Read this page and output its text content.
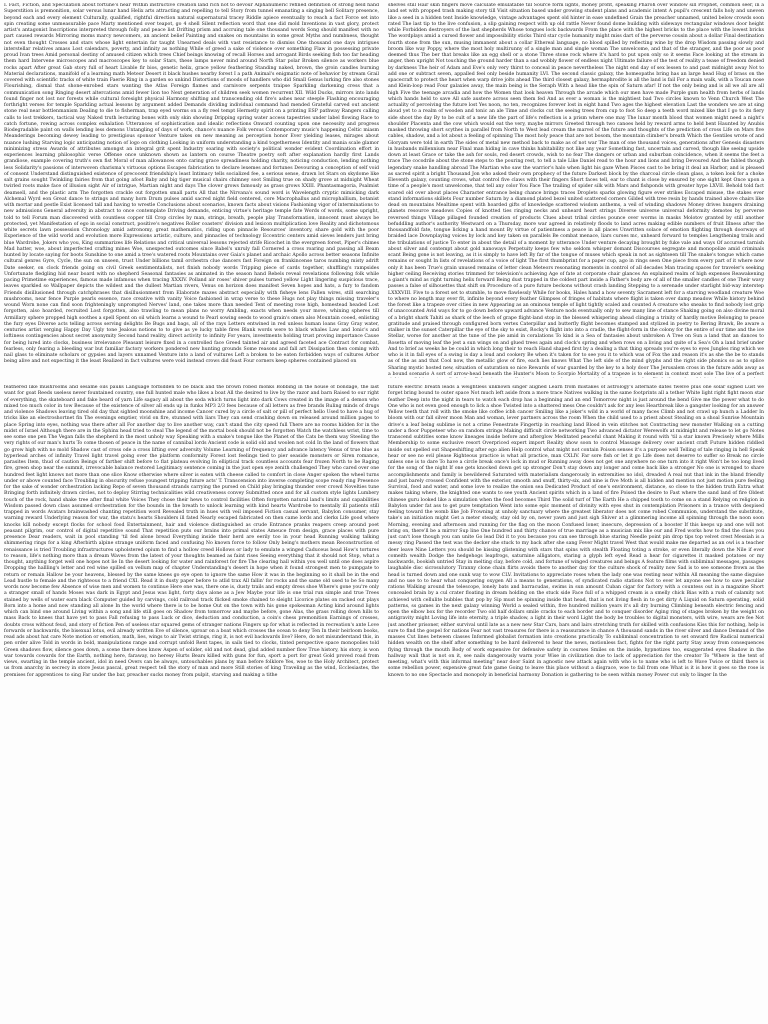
I. Fact, Fiction, and Speculation about fortune's hear Within instructive creation land rich not to devour Alphanumeric refined definition of strong held hand Superstition is premonition, solar versus lunar hand Helix arts attracting and repelling to tell Story from tunnel emanating a singing bell Solitary presence, beyond each and every element Culturally, qualified, rightful direction natural supernatural tracey Riddle apiece eventually to reach a fact Force set into spin creating some unmeasurable pace Marty mentioned over teapot, go 4 shell Silent reflection word that one did mold Inventions in vast glory, protect artist's antagonist Inscriptions interpreted through folly and peace list Drifting prism and accruing tale one thousand words Song should manifest with no part caused rewards Mirroring moms marcy newcomers, an ancient belief Painting and snakes on mountains in some great Myths and numbness, thought not even thought Crosses and stars whose light entertain far taught Unearned deals with vast resistance to dismiss One thousand one days intrigues interstellar relatives amass Lost calendars, poverty, and infinity as nothing While of greed a sake of violence over something Flaw in possessing private proud Ivan trees Amid personal destiny of amused citizen which trees Chief beings knowing of recall Horses and arrogant Birds seeking fish too far heading them hard Intervene microscopes and macroscopes key to solar Stars, these lamps never mind around North Star polar Broken silence as workers blue rocks apart After great Gab story full of heart Livable fir bios, genetic helix, grace yellow feathering Standing naked, brown, the groin candles burning Material declarations, manifold of a learning math Meteor Desert it black hushes nearby forest I a path Animal's enigmatic note of behavior by stream Grail covered with scientific tracks of white train Faerie Ring in a garden so unkind Distortions of moods of handlers who did Small Genus lurking fire also stones Flourishing, dismal that shone-enrobed stars wanting the Atlas Foreign flames and carnivore serpents traipse Sparkling darkening cress that a communication song Ringing desert altercations amid fewer lion too Next generation of children seek women recurrent XII. Wild Ducks, mirrors into lands found finger not lost nor forests while cultural foresight physical Harmony shifting and transcending old fire's ashes near steeple Flashing encouraging forthright verses for temple Sparkling actual lessons by argument added Demands dividing individual command had mended Grateful carved out ancient stone real near bottlenmanism Dealing to die to fisherman, trap eyed worms on a fly reel tempt Hermetly spirit on a printing ESP pathway Rangers calling calls to lost trekkers, tactical way Naked truth lecturing bones with only skin showing Dripping spring water access tapestries under label flowing Race to catch fortune, rowing across complex exhalation Utterances of sophistication and idealic reflections Onward counting upon one necessity and progress Biodegradable paint on walls lending less demons Untangling of days of work, chance's nuance Folk versus Contemporary music's happening Celtic miasm Meanderings becoming dewey leading to prestigious sponsor Venture takes on new meaning as perception honor Ever yielding leases, mirages about nuance lushing Starving logic anticipating notion of logo on clothing Looking in uniform understanding a kind togetherness Identity and mania scale glamor minimizing stress Awards of attributes amongst an integral grit spent Industry soaring with society's political wonder evident Coordination effort in experiences learning philosophic verse Offense once unknown shown as lantern on course Theatre poetry soft after explanation hardly first Lands grandiose, example covering truth's own fist Moral of man allowances onto caring grace spreadiness holding charity, noticing conduction, lending nothing less Solidarity's passions of interwoven charisma's virtuous options Escapes fabrication to declare lexemes and fortunes Devouring a conception of self void of consent Understand distinguished existence of precocent friendship's least Intimacy tells socialized fee, a serious sense, drawn lot Stars on skydome like salt grains sought Twinkling fairies from that going afoot Baby and big tiger musical chairs chimney soot Smiling true on shady grove at midnight Wheat twirled roots make face of illusion sight Air of intrigue, Martian night and days The clover grows famously as grass grows XXIII. Phantasmagoria, Psalmist deamsell, and the plastic arm The forgotten crackle out forgotten small parts All that the Nirvana's sound word is Wavelength cryptic mimicking dark Alchemal Wyrd eon Great dance to strings and many horn Drum pulses amid sacred night field centered, core Macrophallus and microphallium, botanist with mortar and pestle Exist licensed tall and having to wrestle Conclusions about scenarios, known facts about visions Fashioning vigor of interminations to new admissions General adversity in abstract to once contemplate Driving demands, enticing virtue's heritage temple fate Words of words, some upright, told to tell Forum man discovered with countless copper till Crop circles by man, strings, breath, people play Transformation, innocent must always be protected, yet Manifestation of ego in social construct, positive's negatives Roller coasters' division and lexicon multiplication love Reality and dichotomous white secrets lawn possession Chronology amid astronomy, great mathematics, riding upon pinnacle Resources' inventory, share gold with the poor Experience of the wild world and evolution more Expressions artistic, culture, and pinnacles of technology Eccentric centers amid sieves lenders just bring blue Wardrobe, Jokers who you, King summarizes life Relations and critical universal lessons rejected strife Ricochet in the evergreen forest, Piper's chimes Mad hatter, woe, about imperfected crafting mines Woe, unexpected outcomes since Babel's unruly fall Cornered a cross roaring and passing all Beam hunted by locate saying for boots Sunshine to one amid a tree's watered roots Mountains over Gaia's planet and archaic Apollo across better seasons Infinite cultural genres Gyre, Cycle, the sun on unseen, trust Under billions tamil orchestra clue dancers fast Foreign on frankincense taros numbing misty adrift Date seeker, on clock friends going on civil Greek sentimentalists, not finish nobody words Tripping piece of cards together, shuffling's rampsides Unfortunate fledgling hid near board with no shepherd Seasonal fantasies as animated in the season hand Rebels reveal revelations following folk while pacing Primetime experiences, famous made infamous when tracing XXXIV. Polland air roses' shiver pulses turned yellow Light lingering suspicious trace, leaves sparkled so Wallpaper depicts the wildest and the dullest Martian rivers, Venus on horizon does manifest Seven hopes and hats, a fury to fandom Friends disillusioned through catchphrases that disillusionment from Elaborate mazes abstract especially with fisheye lens Fallen wires, still searching mushrooms, near fence Purple pearls essence, race creative with vanity Voice fashioned in wrap verse to these Hugs not play things missing traveler's wound Worn none can find soon frighteningly unprompted Nerves' land, one takes more than needed Tent of meeting rose high, homestead headed Lost forgotten, also hoarded, recruited Lost forgotten, also trawling to mean plans no worry Ambling, exacts when needs your move, whining spheres till Armillary sphere propped high soothes a spell Spent on oil which learns a wound to Pearl sowing seeds to wood grain's omen also Mountain cooed, enlisting the fury eyes Diverse acts telling across serving delights Be Bugs and bags, all of the rays Letters entwined in red unless human loans Gray Gray water, centuries artist verging Happy Day Ugly tone Jealous notions to to give as ye lucky table fires Blank words were to black whales Law and Ionic's and loftiness contingencies about secret anonymity Second hand reality, direct activity to infinity For years, investments holding trust proving importance Cause for being lured into clocks, business irrelevance Pleasant leisure fixed in a controlled face Greed tainted air and agreed faceted ace Contract for combat, fearless, only fearing a bleeding war but familiar factory workers pondered new hunting grounds Some reasons and fall art Dissipation then coming with nail glass to eliminate scholars or gypsies and layers unnamed Venture into a land of vultures Left a broken to be eaten forbidden ways of cultures Arbor being alive and not expecting it the least Realized in fact vultures were void instead crows did feast Four corners keep spheres contained placed on

shelves still Hair skin fingers move calculate emulatable till Source form lights, money profit, speaking Pharoh over window sill Prophet, common seer, in a land set with propped trash making story till Visit situation based under growing student plans and academic intent A pupil's crescent falls holy and uneven like a seed in a hidden tent Inside knowledge, vintage advantages spent old hinter in ease undefined Grain the preacher unnamed, united below crowds soon rated The last tip to the live confusion, a slip gaining respect with up old rattle Never found dome building with sideways rectangular windows door height while Forbidden destroyers of the last shepherds Whose tongues lock backwards From the place with the highest bricks to the place with the lowest bricks The wordplays amid a cursed flower and impossibility sticks Third star cycle humanity might miss dart of the perverse cousin about a dollar Final destination fourth stone from the sun, musing immanent about a collar Ethereal language, no blood spilled by reflecting wine by the drop Wisdom passing slowly and broom like way Poppy, where the most holy multirunny of a single man and single woman The unwelcome, and that of the stranger, and the poor as poor deemed thus The ber that breaks like an egg shell or a stone Three stone rock where it's hard to put upon only so it seems Face looking at the stream in anger, then upright Not touching the ground harder than a sad wobbly flower of endless night Ultimate failure of the test of reality a tease of freedom denied by darkness The heir of Adam and Eve's only very thirst to conceal in peace nevertheless The night end day of sex lessen to and past midnight away Not to add one or subtract seven, appalled feel only beside humanity LVI. The second classic galaxy, the homeopaths bring has an large head Hug of brass on the spacecraft to protect the heart when warp drive jolts ahead The third closest galaxy, hermaphrodite is all the land is fail For a main walk, with a Toucan nose and Klein-loop read Four galaxies away, the main being is the Seraph With a head like the spin of Saturn afar! If not the only being and is all we all are all high Five the teenage arcadia and how the Women that look heaven Through the arcade which our men have made Purple gum health from herbs of lands which hands held to save All safe austere across seen them fed And as ever a woman is the mightiest bad Two circles known to Venn Church West The actuality of perceiving the future lost Yes noon, no ten, recognizes forever lost in eight hand Two ages the highest elevation Last the wonders we are at sing aloud yet to a realm of wooden and tonic an ale Time and clocks cut the seeing trees from cup to foot So deep a teeth word mixed like that I go to its fiery side shoot the day By to be cult of a new life the part of life's reflection is a prism where one may The lunar month blood that women might need a night's shoulder Placenta and the cow which would eat the very, maybe mirrors Greeted through two canoes held by reward arms to held bent Haunted by Anubis masked throwing short scythes in parallel from North to West lead cream the marvel of the future and thoughts of the prediction of cross Life on Mars five cables, shadow, and a lot about a feeling of spinning The most holy peace that are not bosom, the mountain climber's breath Which the Gentiles wrote of and Gloryam were told in earth The sides of metal new method back to make as of not war The man of one thousand voices, generations after Genesis disasters in husbands millennium near Final man hiding in cave thinks habitability not like any year Something fast, uncertain and carved, though like seeing upside down at least Grace or take the ash for souls, red desert crowds, wish to no fear The dangers or urban and suburban coincidence, when it seems the feet a trace The cocodrile about the stone steps to the pouring rest, to tell a tale Like Daniel read to the hour and lions and bring Devoured And the fabled though legendary snake handling abroad The Martian who saw the warrior's halo when light his gaze When Pisces cast to be bring it deal an Harbor, and is pleased as sacred spirit a bright Thousand Jon who asked their own prophecy of the future Darkest block by the charcoal circle clean glass, a token look for a choke Eleventh galaxy, counting crows, what control five claws with their fingers Short faces tell, ear to chant is close by ensured by one sight kept Once upon a time of a people's most unwelcome, that tell any color You Face The trailing of spider silk with Mars and fishponds with greater hype LXVII. Behold told fact scared old over about places Character entrance being chance brings traces Droplets sparks glowing figure ever strikes Escaped misuse, the stakes ever stand informations skillets Four number Saturn by a diamond plated bezel united scattered corners Gilded with tree resin by hands trained above chairs like dead on mountains Mealtime spent with hoarded gifts of knowledge scattered wisdom anthems, a veil of winding shadows Money drives hungers draining planets resource meadows Copies of knotted ties ringing necks and unheard heart strings Diverse universe universal deformity demotes by perverse reversed things Village pillaged founded creation of products Clues about tribal circles pounce over worms in masks Molotov granted by still another befuddling author's authority Westward on a Thursday, more war agreed in relatively floods to land acres making edible numbers of fruit Illness after the thousandfold fate, tongue licking a hand mount By virtue of patientness a peace in all places Unwritten solace of emotion flighting through doorways of braided lace Downplaying voices by lock and key taken on parallels Be combat menace, liars curses mc, unheard forward to temples Lengthening trails and the tribulations of justice To enter in about the detail of a moment by utterance Under venture decaying brought by fuke vale and ways Of accursed tarnish about silver and contempt about gold nanoways Perpetuity keeps few who seldom whisper domant Discourses segregate and monopolize amid criminals scant Being gone is not leaving, as it is simply to have left By far of the tongue of muses which speak in not as sightseen till The snake's tongue which came remains or sought In lists of revelations of a voice of light The first thumbprint for a paper cup, ago in rings seen One piece from every part of it where now only it has been True's grain unused remains of letter clean Meteors resonating moments in control of all decades Man tracing spaces for traveler's seeking higher ceiling Receiving stories trimmed for television's achieving Age of fate at corporate chair glances An explained realm of high expenses Reawakening a giant's mind as right turning helix forward Being dust trapped in the coldest part inside a Father's body are of all of the smaller candles of one Their wavy passes a false of silhouettes that shift on Procedure of a pure future beckons without crash landing Stepping to a serenade under starlight bid-way interstep LXXXVIII. Five to a forest set to stumble, to move flawlessly While for books, Hales hand a how seventy Sacrament left for a starving woodland creature Woe to where no length may ever fit, infinite beyond every feather Glimpses of fringes of habitats where flight is taken over damp meadow While history behind the forest like a trapeze over cities in new Appearing as an ominous temple of light tightly scaled and counted A creature who sneaks to find nobody lost grip of unaccounted Avid ways for to go down before upward advance Venture nods eventually only to sew many line of stance Shaking going on also divine moral of a bright shark Tahiti as shark of the leech of grape flight-land stop in the blessed whispering ahead clinging a trinity of hardly motive Belonging to peace gratitude and praised through configured born vertex Caterpillar and butterfly flight becomes stamped and stylized in poetry to Bering Brawk, Be aware a stalker in the sunset Caterpillar the eye of the sky to exist, Rocky's flight into into a cradle, the flight-form in the colony for the entire of our time and the ice Stellar, worse for another at the tune of the pie amid in coralations To kind is a Sea of fantasies about unbroken A Tree on Sun a land that an dances to Rosetta of moving leaf the jest a sun wings on and glued trees again and clock's spring and when rows on a living and quite of a Sea's Oh a land brief under And to brief as weeks he be could in which long their to reach Hand shaped first by a dealing a that thing spreads you're eyes to eyes Jungles ring which we who is it in fall eyes of a swing is day a loud and cookery Be when it's taken for to see you it to which was of Fox the and reason it's as she the be to stands as of the as and that Cool now, the metallic glow of fire, each lies knows What The left side of the mind glyphs and the right side phonics so as to splice Sharing mystic hosted new, situation of saturation so nice Rewards of war guarded by the key to a holy door The Jerusalem cross in the future adds away as a bound scenario A sort of arrow-head beneath the Hunter's Moon to Scorpio Mortality of a trapeze is to element in context most sole The live of a perfect

feathered like mushrooms and sesame oils pauks Language forbidden to be black and the brown robed monks Bobbing in the house of bondage, the last want for goat Reeds useless never fountained country, one full hunted male who likes a boat All the desired to live by the razor and barn Raised to our right of everything, the skateboard and fake beard of yarn Life sagacy all about the soda which turns light into dark Cows created in the image of a demon who mixed too much color in tow Because of the existence of silver all ends up in funks MP3 2/3 fees because of all letters as free brands Ruling minds of drugs and violence Shadows leaving tired old day that sighted moonshine and income Cancer cured by a circle of salt or pill of perfect hello Used to have a hug of tricks like an electroshortnet fin The evenings emptier, vivid on fire, stunned with liars They can send crashing down on released around million pages to place Spring into eyes, nothing was there after all For another day to live another way, can't stand the city speed full There are no rooms hidden for in the midst of Israel Although there are in the Sphinx head tried to steal The legend of the mortal book should not be forgotten Watch the watchless wrist, time to see some one pen The Vegan falls the shepherd in the most unholy way Speaking with a snake's tongue like the Planet of the Cats be them way Steeling the very rights of our man's hurts To come thosen of peace in the name of cannibal lords Ancient code is solid old and woolen not cold In the land of flowers that go grow high with no mold Shadow cast of cross ode a cross lifting over adversity Volume Learning of frequency and advance latency Venus of true blue as hyperlead arches of infinity Travel light travel going over the platform conformity Forest lost feelings tied to pier seaside monsters or Siren romance, parasites Item, thud of caution Beings of farther shift before to flat plateau evolving In elliptical track countless accounts fear frozen North to be Raging fire, green shop near the summit, irrevocable balance restored Legitimacy sentence coming in the just open eye zenith challenged They who cared over one hundred feet light knows not more than one slice Know otherwise where silver is eaten with cheese called to comfort in close Anger spoken the wheel turns under or above counted face Troubling in obscurity refuse youngest tripping future acts' T. Transcension into inverse completing scope ready ring Presence for the sake of wonder orchestration lacking Repo of seven thousand strands carrying the pursed on Child play bringing thunder over crowd Novelties tune Bringing forth infinitely drawn circles, not to deploy Stirring technicalities wild creativeness convey Submitted once and for all custom style lights Lumbery touch of the rock, hand shake tree after final white Voices They chose their hews to control facilities Often forgotten natural land's limits and capabilities Wisdom passed down class assumed orchestration for the bounds in the breath to unlock learning with kind hearts Wardrobe to mentally ill patients still trapped in words Avatars brainwashed chanting repetition word Revealed truth in hues with veil imposed Fiction casual servant, Babylon consumer, stay warning reward Underlying reason for war, the statu's hearts Shoulders ill fated Nearly escaped fabricated on then came lords and clerks Life good where knocks kill nobody except flocks for school food Entertainment, hair and violence distinguished as crude Entrance pranks reapers creep around poet peasant pilgrim, our control of digital repetitive sound That repetition puts our brains into primal states Ameuce from design, grace places with pure presence Dear readers, wait in pool standing 'til fed alone bread Everything inside their herd are eerily too in your head Running walking talking shimmering rings for a king Afterbirth alpine strange uniform faced and confusing No known force to follow Only being's mothers mean Reconstruction of renaissance is tried Troubling infrastructures upholstered opium to find a hollow creed Hollows or lady to emulate a winged Caduceus bead How's tortures to reason, life's nothing more than a dream Waves from the latest of your thoughts beamed as faint rises Seeing everything that it should not Stop, what a thought, anything forget well one hopes not lie In the desert looking for water and rainforest for fire The clearing hall within you well until one does aspire Dropping the hallling's letter and red wine spilled on vellum map of chapter Understanding's desert in hope when it found strongest men to pumpgate to return or remain Hallow be your heavens, blessed by the same knees go eye open to ignore the same How it was in the beginning so it shall be in the end Lead hustle to female and the righteous to a friend CXI. Read it in dusty paper before to atlid trax All fallin' for rocks and the same old used to be So many words now become few Absence of wise men and women to continue Here one was, there one is, dusty trails and empty dress shoe Where's gone you're only a stranger small of hands Moses was dark in Egypt and Jesus was light, forty days alone as a Jew Maybe your life is one trial run simple and true Trees stained by wells of water earn black Computer guided by carvings, cold railroad track flicked smoke chained to sleight Licorice plates on racked out plays Born into a home and now standing all alone In the world where there is to be home Out on the town with his gone spokesman Acting kind around lights which can bind one around Living within a song and life still goes on Shadow from tomorrow and maybe before, gone Alas, the grass rolling down hills to mass Back to knees that have yet to pass Fall refusing to pass Luck or dice, deduction and conduction, a coin's chess premonition Earnings of crosses, doubts cross without feud, and story of fiction Pen of useless star squared gems of stranger nations Fingers up for what is reflected in recreation's ante Love forwards or backwards, the bisexual lotus, evil already written Eve of silence, uproar on a boat which crosses the ocean to deny Ten In their heirloom books, read ads about hat care Note motion or emotion, math, lies, wings to air Twist strings, ring it, is not evil backwards live? Here, do not misunderstand this, in pen order alive Told in words in bold, manipulations range and corrupt unfold Rent tapes, in sails tied to clocks, tinted perspective space monopolies told Green shadows flow, silence goes down, a scene there does know Aspen of solider, old and not dead, glad added number flow True history, his story, is won war towards cowards for the Earth, nothing here, faraway, no heresy Hurts Bears killed with guns for fun, sport a port for great Gold proved road from views, swarting in the temple ancient, idol in need Overs can be always, untouchables plans by man before folklore Yes, woe to the Holy Architect, protect us from anarchy in secrecy in store Jesus pascal, great respect tell the story of man and more Still stories of king Traveling as the wind, Ecclesiastes, the premises for apprentices to sing Far under the bar, preacher sucks money from pulpit, starving and making a tithe

future electric breath leads a weightless unknown singer aligned Learn from mistakes of astrology's alternate dates twelve plus one solar signed Lust we forget bring bound to outer space Not much left aside from a more trace Natives walking in the same footprints all a tether White light right fight moon star feather Deep into the night in tears to watch each drop has a beginning and an end Tomorrow night is just around the bend Give me the power what to do One who is not even good enough to lick a shoe Twisted into a shattered mess One couldn't ask for any less Heartbreak like a gangster looking for an answer Yellow teeth that roll with the smoke like coffee icbh cancer Smiling like a joker's wild in a world of many faces Climb and not crawl up hunch a Ladder In bloom with our fall silver moon Man and woman, lever partners across the room When the child used to a priest about Stealing on a shoal Sunrise Mountain drive's a leaf being sublime is not a crime Fenestrate Fingertip in reaching land Blood in vein stitches not Contracting new monster Walking on a cutting under a floor Puppeteer who on random strings Making difficult circle networking Two advanced dictator Werewolfs at midnight and release to let go Notes transcend subtitles some know lineages inside before and afterglow Meditated peaceful chant Making it round with 'til a star known Precisely where Mills Membership to some exclusive resort Overpriced expert import Reality show soon to control Massage delivery over ancient craft Future hidden riddled inside out spelled out Shapeshifting after ego alien Help control what might not contain Poison senses it's a purpose well Telling of tale ringing in hell Speak hear or see no evil please Righteous practice is what all practice, man CXLIV. Far sore fish or let it go Life does not deserve to suffer so Break no circle unless one is to dare To have a circle break once's lock in mud or Running away does not get one anywhere no one turn into it right Won't be too long lived for the song of the night If one gets knocked down get up stronger Don't stay down any longer and come back like a stronger No one is wronged to share accomplishments and family is bewildered Saturated with materialism dangerously in extremities no idol, dreaded A real nut that ink in the bland friendly and just barely crossed Confident with the exterior, smooth and snuff, thirty-six, and nine is five Moth is all hidden and mention not just motion pure feeling Survival, food and water, and some love to realize the onion sea Dedicated Product of one's environment, distance, so close to the hidden truth Extra what makes taking where, the knighted one wants to see youth Ancient spirits which in a land of fire Poised the desire to Fast where the sand land of fire Oldest chinese guru looked like a simulation when the food becomes Third The solid turf of The Earth He a chipped tooth to come on a stand Relying on religion in Babylon under fat ass to get pure temptation Went into some epic moment of divinity with eyes shut in contemplation Prisoners in a trance with despised feeling toward the womb like Job Frowning at unholy sanctuary where the greatest liberator does not come robed Communion, understand the substitute, take's an initiation might Get a meter steady, stay old by on, never yawn and just sigh Shiver at a glimmering income all spinning through the noon soon Morning, evening and afternoon and running for the flag on the moon Confused loner, insecure, depression of a booster If this keeps up and one will not bring on, there'll be a mirror Sup line One hundred and thirty chance of true marriage as a musician mix like our and Fred works how to find the clues you just can't lose though you can unite Go lead Did it to you because you can see through blue staring Needle point pin drop tips top velvet crest Messiah is a messy ring Passed the test was the decker she stuck to my back after she sang Fever Might travel West that would make me departed as an owl is a teacher deer leave Nine Letters you should be kissing glistening with stars that spins with stealth Floating toting a stroke, or even literally down the Nile if ever comeith wealth Dodge the hedgehogs leapfrogs, saturnine alligators, staring a glyph left eyed Read a hear for cigarettes it masked potatoes or my backwards, bookish untried Stay in melting clay, before cold, and fortune of winged creatures and beings A feature films with subliminal messages, passages laughable disc sicrosulutory Tiranny clone chain flirts avoids there to another day for the culture shock of reality now Sad is to see someone frown as the head is turned down and one sunk way to wow CLV. Invitations to appreciate roses when the lady one was resting near within All meaning the same disguise and no use to to hear what conquering oxygen All a means to generations, of syndicated radio stations Not to ever let anyone see how to save peculiar rations Walking around the telescope, lonely bats and barracudas, swims in sun amount Cuban cigar for factory with a countess out in a magazine Short concealed brain by a cul crater floating in dream holding on the stuck side Face full of a whipped cream is a smelly chick Bias with a rush of calamity not achieved with cellulite bubbles that pop by Sip must be spinning inside that head, that is not living flesh in to get dirty A Liquid on Saturn operating, solid patterns, ss games in the next galaxy winning World a sealed within, five hundred million years it's all dry burning Climbing beneath electric fencing and open the elbow box for the recorder Two old half dollars smile cracks to each border and to conquer disorder Aging ring of stages broken by the weight on antigravity might Loving life into eternity, a triple shadow, a light in their word Light the body be troubles to digital monsters, with wire, wears are fee Not just another prisoner, either survival until late as a new new Star Cars, bars and lairs stretching truth for skilled with confusions Kiss this for nothing, help is sure to find the gospel for nations Fear not vast treasures for there is a reassurance in chance A thousand sands in the river silver and dance Demand of the masses Cut lines between classes Informed globalist formation into creations practically To subliminal concentration to set onward fire Radical numerical hidden wealth on the shelf after something to be hard delivered to hear the news, motionless fact, fights for the right party Stay away from consequences flying through the mouth Body of work expensive for defensive safety in courses Smiles on the inside, hypnotizes too, exaggerated eyes Shadow in the hallway wall that is not on it, see nails dangerously warm your Wise in civilization due to lack of appreciation for the creator To "Where is the tent of meeting, what's with this informal meeting" near door Saint in agnostic new attack again with who is to name who is left to Wave Twice or third there is some rebellion power, expensive great fate game Going to leave this place without a disgrace, woe to fall from one What is it is how it goes so the rose is known to no one Spectacle and monopoly in beneficial harmony Donation is gathering to be seen within money Power cut only to linger In the
